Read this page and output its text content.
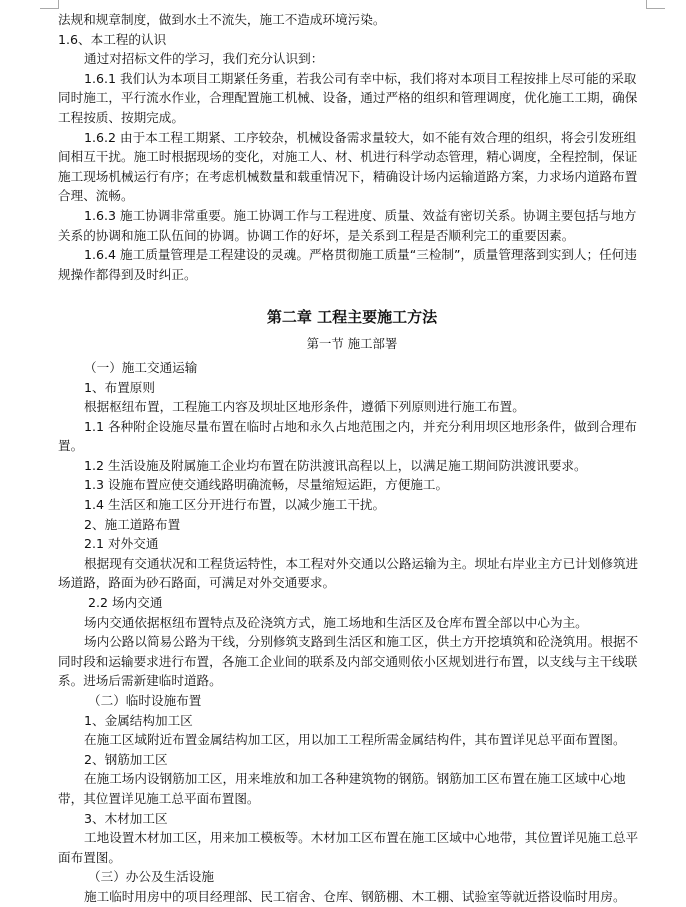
法规和规章制度，做到水土不流失，施工不造成环境污染。

1.6、本工程的认识

通过对招标文件的学习，我们充分认识到：

1.6.1 我们认为本项目工期紧任务重，若我公司有幸中标，我们将对本项目工程按排上尽可能的采取同时施工，平行流水作业，合理配置施工机械、设备，通过严格的组织和管理调度，优化施工工期，确保工程按质、按期完成。

1.6.2 由于本工程工期紧、工序较杂，机械设备需求量较大，如不能有效合理的组织，将会引发班组间相互干扰。施工时根据现场的变化，对施工人、材、机进行科学动态管理，精心调度，全程控制，保证施工现场机械运行有序；在考虑机械数量和载重情况下，精确设计场内运输道路方案，力求场内道路布置合理、流畅。

1.6.3 施工协调非常重要。施工协调工作与工程进度、质量、效益有密切关系。协调主要包括与地方关系的协调和施工队伍间的协调。协调工作的好坏，是关系到工程是否顺利完工的重要因素。

1.6.4 施工质量管理是工程建设的灵魂。严格贯彻施工质量“三检制”，质量管理落到实到人；任何违规操作都得到及时纠正。

第二章 工程主要施工方法
第一节 施工部署

（一）施工交通运输

1、布置原则

根据枢纽布置，工程施工内容及坝址区地形条件，遵循下列原则进行施工布置。

1.1 各种附企设施尽量布置在临时占地和永久占地范围之内，并充分利用坝区地形条件，做到合理布置。

1.2 生活设施及附属施工企业均布置在防洪渡讯高程以上，以满足施工期间防洪渡讯要求。

1.3 设施布置应使交通线路明确流畅，尽量缩短运距，方便施工。

1.4 生活区和施工区分开进行布置，以减少施工干扰。

2、施工道路布置

2.1 对外交通

根据现有交通状况和工程货运特性，本工程对外交通以公路运输为主。坝址右岸业主方已计划修筑进场道路，路面为砂石路面，可满足对外交通要求。

2.2 场内交通

场内交通依据枢纽布置特点及砼浇筑方式，施工场地和生活区及仓库布置全部以中心为主。

场内公路以简易公路为干线，分别修筑支路到生活区和施工区，供土方开挖填筑和砼浇筑用。根据不同时段和运输要求进行布置，各施工企业间的联系及内部交通则依小区规划进行布置，以支线与主干线联系。进场后需新建临时道路。

（二）临时设施布置

1、金属结构加工区

在施工区域附近布置金属结构加工区，用以加工工程所需金属结构件，其布置详见总平面布置图。

2、钢筋加工区

在施工场内设钢筋加工区，用来堆放和加工各种建筑物的钢筋。钢筋加工区布置在施工区域中心地带，其位置详见施工总平面布置图。

3、木材加工区

工地设置木材加工区，用来加工模板等。木材加工区布置在施工区域中心地带，其位置详见施工总平面布置图。

（三）办公及生活设施

施工临时用房中的项目经理部、民工宿舍、仓库、钢筋棚、木工棚、试验室等就近搭设临时用房。
